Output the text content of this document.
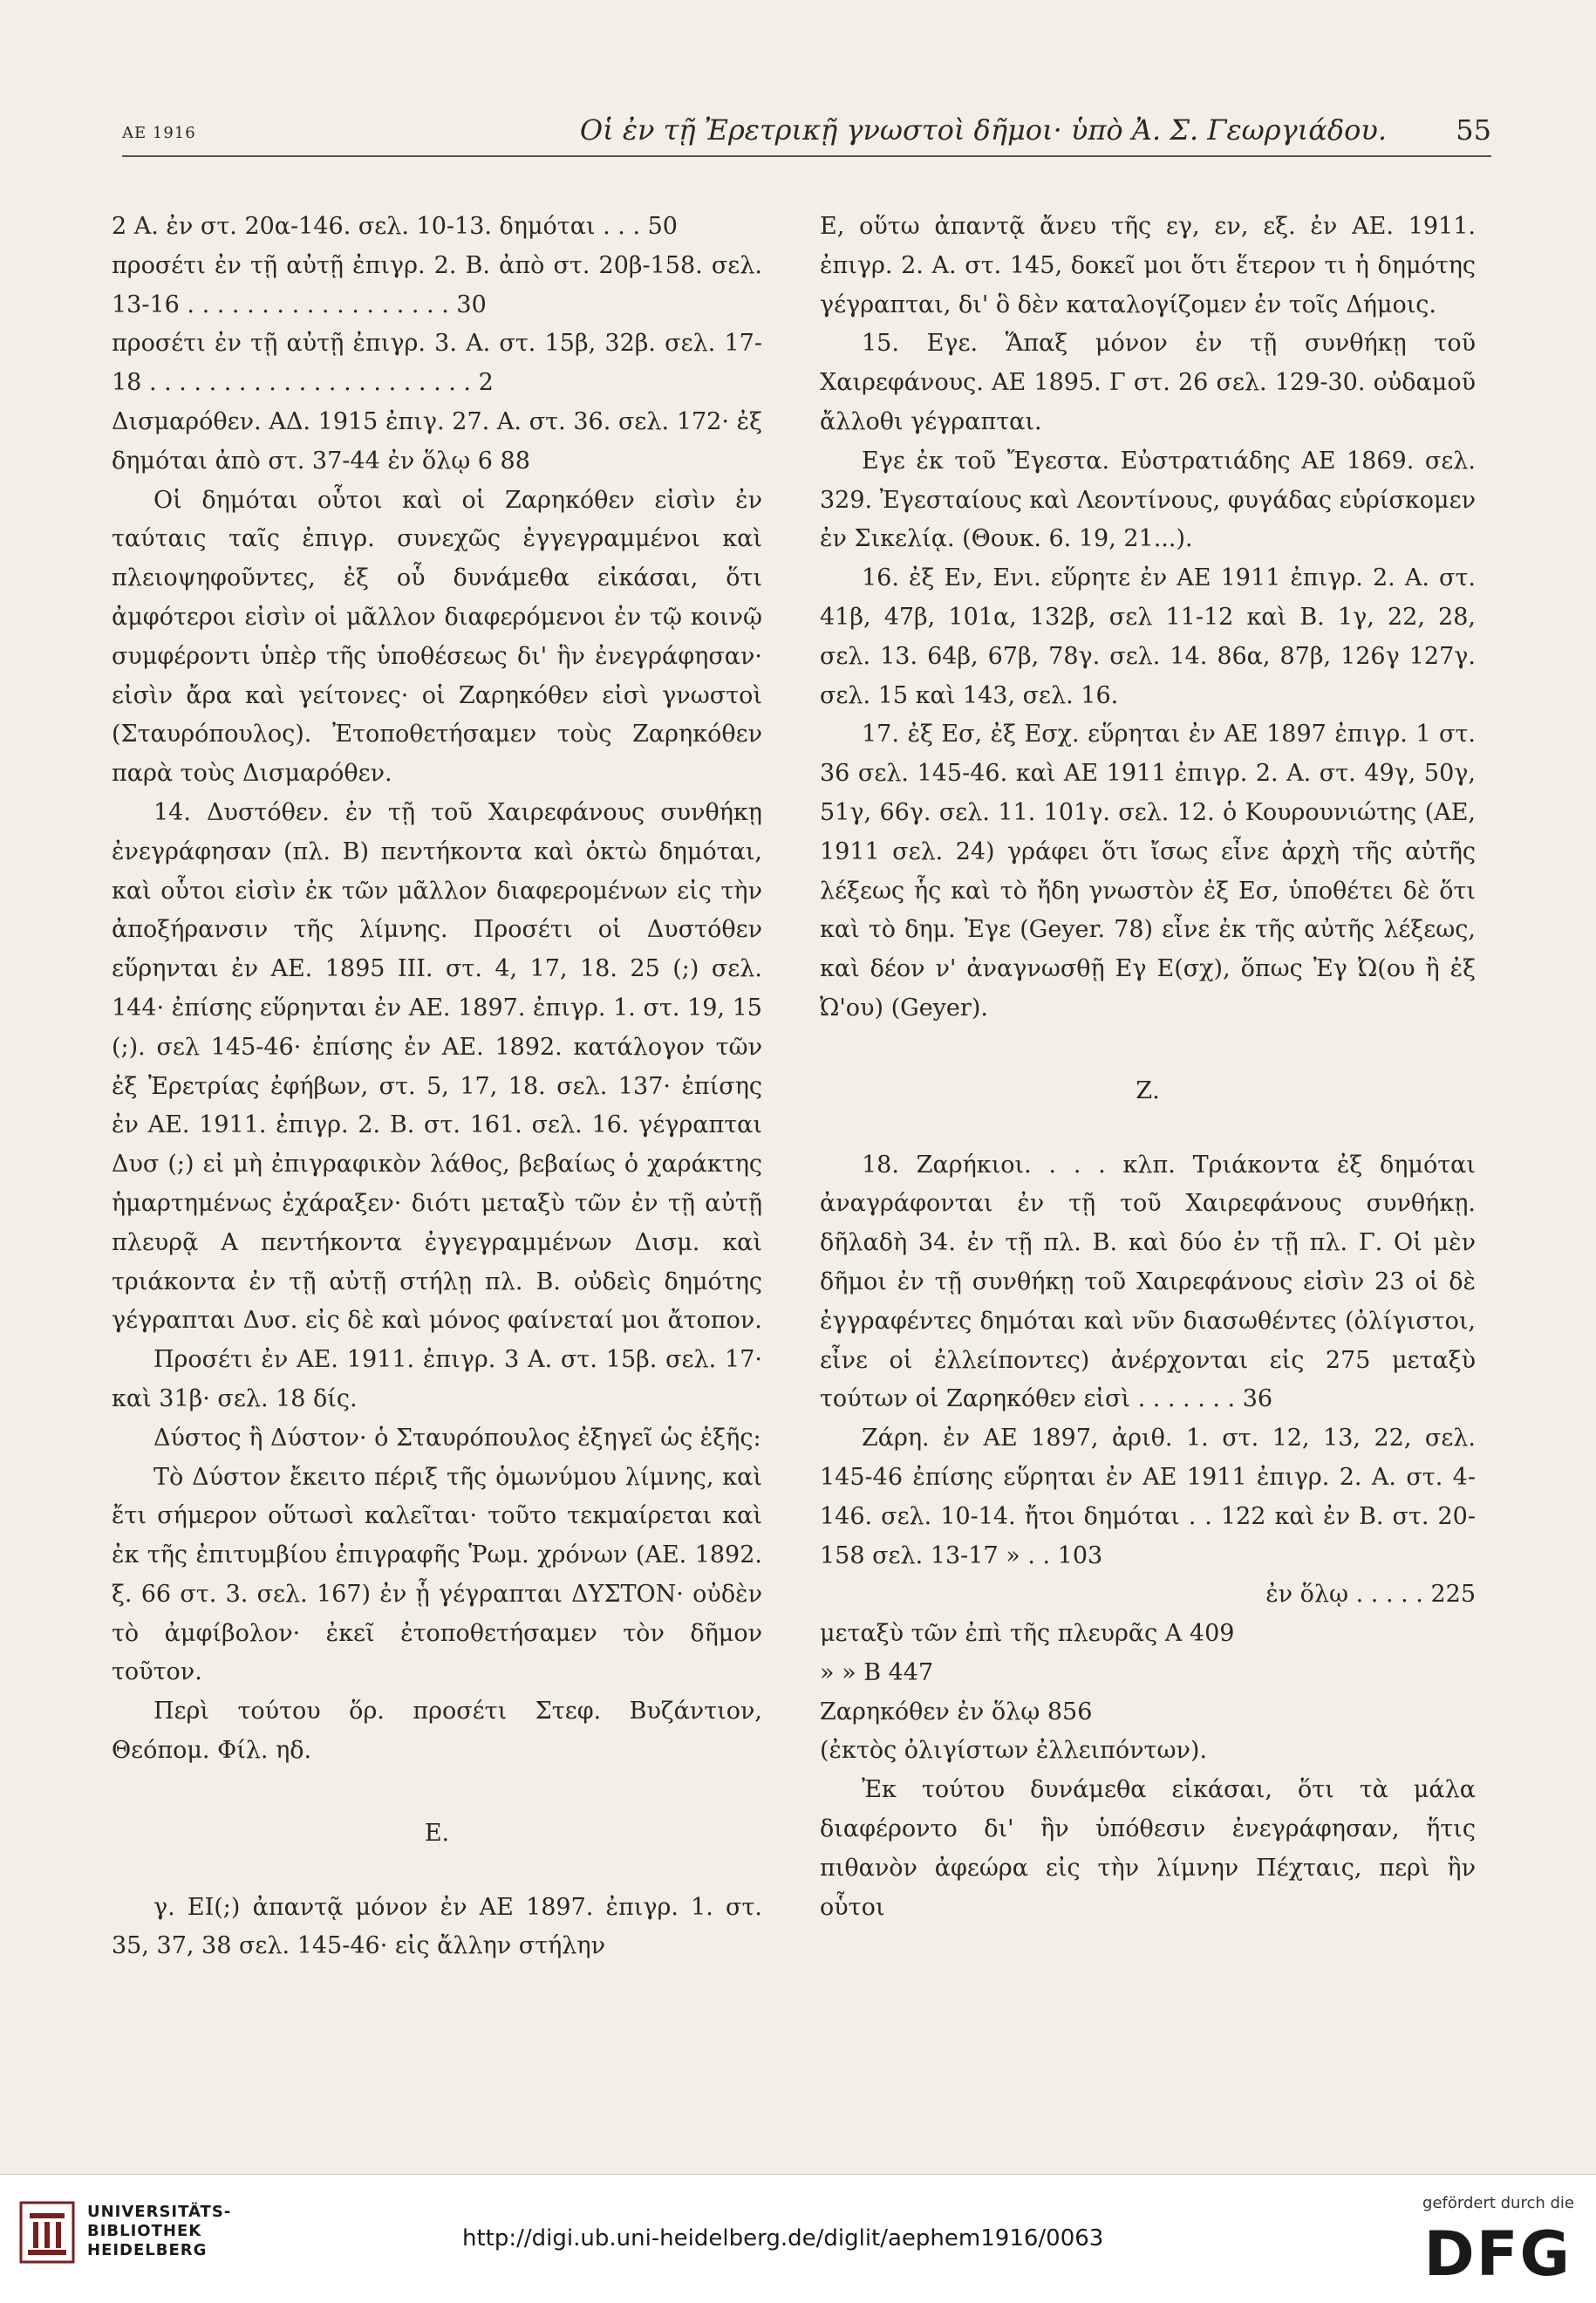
ΑΕ 1916	Οἱ ἐν τῇ Ἐρετρικῇ γνωστοὶ δῆμοι· ὑπὸ Ἀ. Σ. Γεωργιάδου. 55

2 Α. ἐν στ. 20α-146. σελ. 10-13. δημόται . . . 50

προσέτι ἐν τῇ αὐτῇ ἐπιγρ. 2. Β. ἀπὸ στ. 20β-158. σελ. 13-16 . . . . . . . . . . . . . . . . . . 30

προσέτι ἐν τῇ αὐτῇ ἐπιγρ. 3. Α. στ. 15β, 32β. σελ. 17-18 . . . . . . . . . . . . . . . . . . . . . . 2

Δισμαρόθεν. ΑΔ. 1915 ἐπιγ. 27. Α. στ. 36. σελ. 172· ἐξ δημόται ἀπὸ στ. 37-44 ἐν ὅλῳ 6 88

Οἱ δημόται οὗτοι καὶ οἱ Ζαρηκόθεν εἰσὶν ἐν ταύταις ταῖς ἐπιγρ. συνεχῶς ἐγγεγραμμένοι καὶ πλειοψηφοῦντες, ἐξ οὗ δυνάμεθα εἰκάσαι, ὅτι ἀμφότεροι εἰσὶν οἱ μᾶλλον διαφερόμενοι ἐν τῷ κοινῷ συμφέροντι ὑπὲρ τῆς ὑποθέσεως δι' ἣν ἐνεγράφησαν· εἰσὶν ἄρα καὶ γείτονες· οἱ Ζαρηκόθεν εἰσὶ γνωστοὶ (Σταυρόπουλος). Ἐτοποθετήσαμεν τοὺς Ζαρηκόθεν παρὰ τοὺς Δισμαρόθεν.

14. Δυστόθεν. ἐν τῇ τοῦ Χαιρεφάνους συνθήκῃ ἐνεγράφησαν (πλ. Β) πεντήκοντα καὶ ὀκτὼ δημόται, καὶ οὗτοι εἰσὶν ἐκ τῶν μᾶλλον διαφερομένων εἰς τὴν ἀποξήρανσιν τῆς λίμνης. Προσέτι οἱ Δυστόθεν εὕρηνται ἐν ΑΕ. 1895 ΙΙΙ. στ. 4, 17, 18. 25 (;) σελ. 144· ἐπίσης εὕρηνται ἐν ΑΕ. 1897. ἐπιγρ. 1. στ. 19, 15 (;). σελ 145-46· ἐπίσης ἐν ΑΕ. 1892. κατάλογον τῶν ἐξ Ἐρετρίας ἐφήβων, στ. 5, 17, 18. σελ. 137· ἐπίσης ἐν ΑΕ. 1911. ἐπιγρ. 2. Β. στ. 161. σελ. 16. γέγραπται Δυσ (;) εἰ μὴ ἐπιγραφικὸν λάθος, βεβαίως ὁ χαράκτης ἡμαρτημένως ἐχάραξεν· διότι μεταξὺ τῶν ἐν τῇ αὐτῇ πλευρᾷ Α πεντήκοντα ἐγγεγραμμένων Δισμ. καὶ τριάκοντα ἐν τῇ αὐτῇ στήλῃ πλ. Β. οὐδεὶς δημότης γέγραπται Δυσ. εἰς δὲ καὶ μόνος φαίνεταί μοι ἄτοπον.

Προσέτι ἐν ΑΕ. 1911. ἐπιγρ. 3 Α. στ. 15β. σελ. 17· καὶ 31β· σελ. 18 δίς.

Δύστος ἢ Δύστον· ὁ Σταυρόπουλος ἐξηγεῖ ὡς ἑξῆς:

Τὸ Δύστον ἔκειτο πέριξ τῆς ὁμωνύμου λίμνης, καὶ ἔτι σήμερον οὕτωσὶ καλεῖται· τοῦτο τεκμαίρεται καὶ ἐκ τῆς ἐπιτυμβίου ἐπιγραφῆς Ῥωμ. χρόνων (ΑΕ. 1892. ξ. 66 στ. 3. σελ. 167) ἐν ᾗ γέγραπται ΔΥΣΤΟΝ· οὐδὲν τὸ ἀμφίβολον· ἐκεῖ ἐτοποθετήσαμεν τὸν δῆμον τοῦτον.

Περὶ τούτου ὅρ. προσέτι Στεφ. Βυζάντιον, Θεόπομ. Φίλ. ηδ.

Ε.

γ. ΕΙ(;) ἀπαντᾷ μόνον ἐν ΑΕ 1897. ἐπιγρ. 1. στ. 35, 37, 38 σελ. 145-46· εἰς ἄλλην στήλην

Ε, οὕτω ἀπαντᾷ ἄνευ τῆς εγ, εν, εξ. ἐν ΑΕ. 1911. ἐπιγρ. 2. Α. στ. 145, δοκεῖ μοι ὅτι ἕτερον τι ἡ δημότης γέγραπται, δι' ὃ δὲν καταλογίζομεν ἐν τοῖς Δήμοις.

15. Εγε. Ἅπαξ μόνον ἐν τῇ συνθήκῃ τοῦ Χαιρεφάνους. ΑΕ 1895. Γ στ. 26 σελ. 129-30. οὐδαμοῦ ἄλλοθι γέγραπται.

Εγε ἐκ τοῦ Ἔγεστα. Εὐστρατιάδης ΑΕ 1869. σελ. 329. Ἐγεσταίους καὶ Λεοντίνους, φυγάδας εὑρίσκομεν ἐν Σικελίᾳ. (Θουκ. 6. 19, 21...).

16. ἐξ Εν, Ενι. εὕρητε ἐν ΑΕ 1911 ἐπιγρ. 2. Α. στ. 41β, 47β, 101α, 132β, σελ 11-12 καὶ Β. 1γ, 22, 28, σελ. 13. 64β, 67β, 78γ. σελ. 14. 86α, 87β, 126γ 127γ. σελ. 15 καὶ 143, σελ. 16.

17. ἐξ Εσ, ἐξ Εσχ. εὕρηται ἐν ΑΕ 1897 ἐπιγρ. 1 στ. 36 σελ. 145-46. καὶ ΑΕ 1911 ἐπιγρ. 2. Α. στ. 49γ, 50γ, 51γ, 66γ. σελ. 11. 101γ. σελ. 12. ὁ Κουρουνιώτης (ΑΕ, 1911 σελ. 24) γράφει ὅτι ἴσως εἶνε ἀρχὴ τῆς αὐτῆς λέξεως ἧς καὶ τὸ ἤδη γνωστὸν ἐξ Εσ, ὑποθέτει δὲ ὅτι καὶ τὸ δημ. Ἐγε (Geyer. 78) εἶνε ἐκ τῆς αὐτῆς λέξεως, καὶ δέον ν' ἀναγνωσθῇ Εγ Ε(σχ), ὅπως Ἐγ Ὠ(ου ἢ ἐξ Ὠ'ου) (Geyer).

Ζ.

18. Ζαρήκιοι. . . . κλπ. Τριάκοντα ἐξ δημόται ἀναγράφονται ἐν τῇ τοῦ Χαιρεφάνους συνθήκῃ. δῆλαδὴ 34. ἐν τῇ πλ. Β. καὶ δύο ἐν τῇ πλ. Γ. Οἱ μὲν δῆμοι ἐν τῇ συνθήκῃ τοῦ Χαιρεφάνους εἰσὶν 23 οἱ δὲ ἐγγραφέντες δημόται καὶ νῦν διασωθέντες (ὀλίγιστοι, εἶνε οἱ ἐλλείποντες) ἀνέρχονται εἰς 275 μεταξὺ τούτων οἱ Ζαρηκόθεν εἰσὶ . . . . . . . 36

Ζάρη. ἐν ΑΕ 1897, ἀριθ. 1. στ. 12, 13, 22, σελ. 145-46 ἐπίσης εὕρηται ἐν ΑΕ 1911 ἐπιγρ. 2. Α. στ. 4-146. σελ. 10-14. ἤτοι δημόται . . 122 καὶ ἐν Β. στ. 20-158 σελ. 13-17 » . . 103

ἐν ὅλῳ . . . . . 225

μεταξὺ τῶν ἐπὶ τῆς πλευρᾶς Α 409

» » Β 447

Ζαρηκόθεν ἐν ὅλῳ 856

(ἐκτὸς ὀλιγίστων ἐλλειπόντων).

Ἐκ τούτου δυνάμεθα εἰκάσαι, ὅτι τὰ μάλα διαφέροντο δι' ἣν ὑπόθεσιν ἐνεγράφησαν, ἥτις πιθανὸν ἀφεώρα εἰς τὴν λίμνην Πέχταις, περὶ ἣν οὗτοι

UNIVERSITÄTS-
BIBLIOTHEK
HEIDELBERG	http://digi.ub.uni-heidelberg.de/diglit/aephem1916/0063
gefördert durch die
DFG
